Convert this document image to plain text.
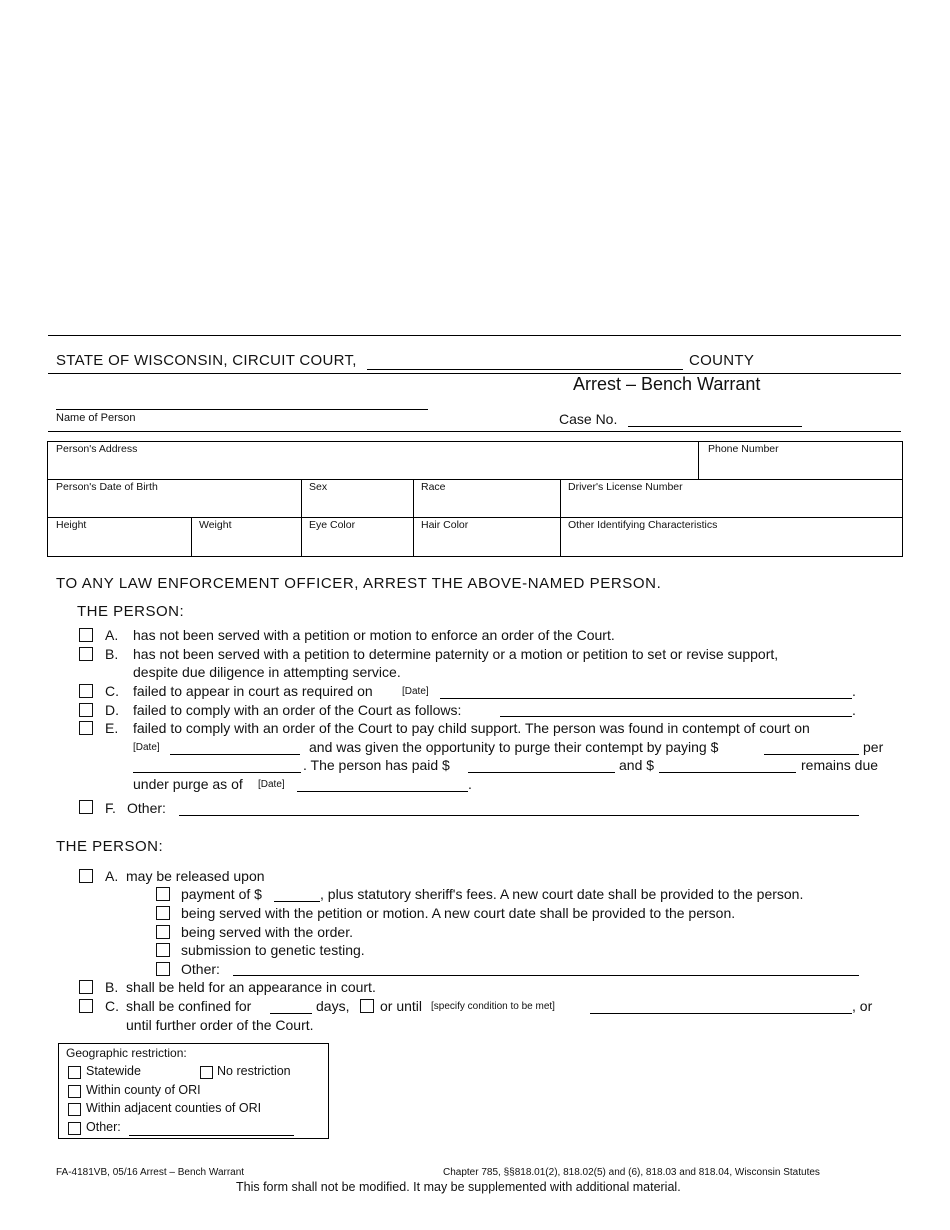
STATE OF WISCONSIN, CIRCUIT COURT,	COUNTY
Arrest – Bench Warrant
Name of Person	Case No.
Person's Address	Phone Number
Person's Date of Birth	Sex	Race	Driver's License Number
Height	Weight	Eye Color	Hair Color	Other Identifying Characteristics
TO ANY LAW ENFORCEMENT OFFICER, ARREST THE ABOVE-NAMED PERSON.
THE PERSON:
A. has not been served with a petition or motion to enforce an order of the Court.
B. has not been served with a petition to determine paternity or a motion or petition to set or revise support,
despite due diligence in attempting service.
C. failed to appear in court as required on	[Date]	.
D. failed to comply with an order of the Court as follows:	.
E. failed to comply with an order of the Court to pay child support. The person was found in contempt of court on
[Date]	and was given the opportunity to purge their contempt by paying $	per
. The person has paid $	and $	remains due
under purge as of [Date]	.
F. Other:
THE PERSON:
A. may be released upon
payment of $	, plus statutory sheriff's fees. A new court date shall be provided to the person.
being served with the petition or motion. A new court date shall be provided to the person.
being served with the order.
submission to genetic testing.
Other:
B. shall be held for an appearance in court.
C. shall be confined for	days, or until [specify condition to be met]	, or
until further order of the Court.
Geographic restriction:
Statewide	No restriction
Within county of ORI
Within adjacent counties of ORI
Other:
FA-4181VB, 05/16 Arrest – Bench Warrant	Chapter 785, §§818.01(2), 818.02(5) and (6), 818.03 and 818.04, Wisconsin Statutes
This form shall not be modified. It may be supplemented with additional material.
